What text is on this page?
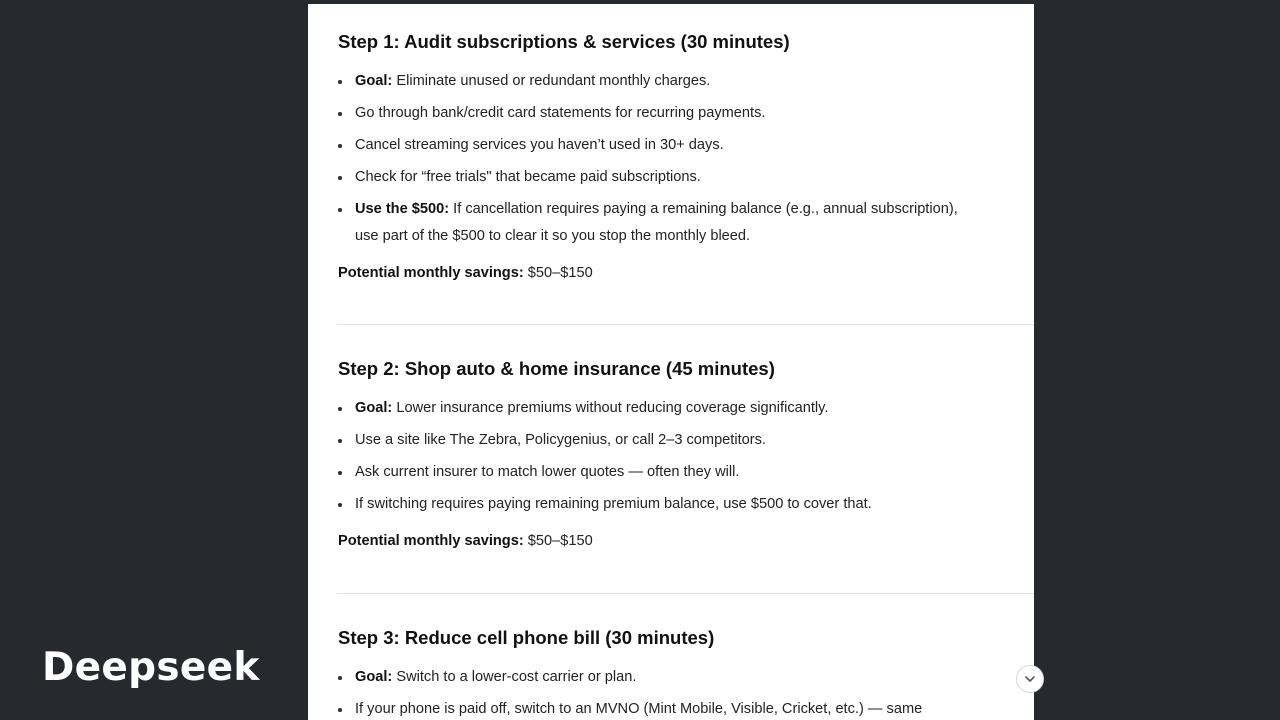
Step 1: Audit subscriptions & services (30 minutes)
Goal: Eliminate unused or redundant monthly charges.
Go through bank/credit card statements for recurring payments.
Cancel streaming services you haven’t used in 30+ days.
Check for “free trials" that became paid subscriptions.
Use the $500: If cancellation requires paying a remaining balance (e.g., annual subscription),
use part of the $500 to clear it so you stop the monthly bleed.
Potential monthly savings: $50–$150
Step 2: Shop auto & home insurance (45 minutes)
Goal: Lower insurance premiums without reducing coverage significantly.
Use a site like The Zebra, Policygenius, or call 2–3 competitors.
Ask current insurer to match lower quotes — often they will.
If switching requires paying remaining premium balance, use $500 to cover that.
Potential monthly savings: $50–$150
Step 3: Reduce cell phone bill (30 minutes)
Goal: Switch to a lower-cost carrier or plan.
If your phone is paid off, switch to an MVNO (Mint Mobile, Visible, Cricket, etc.) — same
Deepseek
